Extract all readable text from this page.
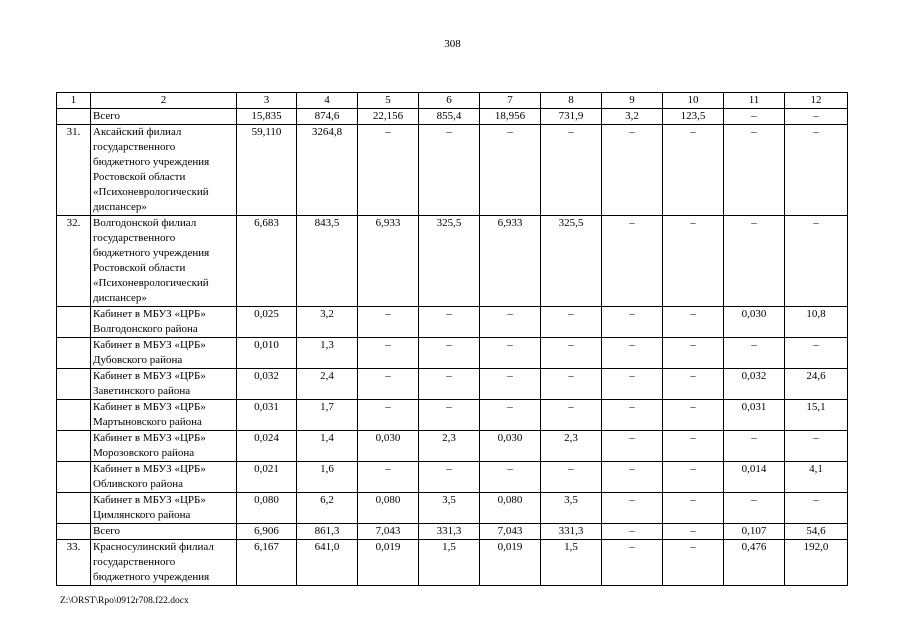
308
1	2	3	4	5	6	7	8	9	10	11	12
	Всего	15,835	874,6	22,156	855,4	18,956	731,9	3,2	123,5	–	–
31.	Аксайский филиал государственного бюджетного учреждения Ростовской области «Психоневрологический диспансер»	59,110	3264,8	–	–	–	–	–	–	–	–
32.	Волгодонской филиал государственного бюджетного учреждения Ростовской области «Психоневрологический диспансер»	6,683	843,5	6,933	325,5	6,933	325,5	–	–	–	–
	Кабинет в МБУЗ «ЦРБ» Волгодонского района	0,025	3,2	–	–	–	–	–	–	0,030	10,8
	Кабинет в МБУЗ «ЦРБ» Дубовского района	0,010	1,3	–	–	–	–	–	–	–	–
	Кабинет в МБУЗ «ЦРБ» Заветинского района	0,032	2,4	–	–	–	–	–	–	0,032	24,6
	Кабинет в МБУЗ «ЦРБ» Мартыновского района	0,031	1,7	–	–	–	–	–	–	0,031	15,1
	Кабинет в МБУЗ «ЦРБ» Морозовского района	0,024	1,4	0,030	2,3	0,030	2,3	–	–	–	–
	Кабинет в МБУЗ «ЦРБ» Обливского района	0,021	1,6	–	–	–	–	–	–	0,014	4,1
	Кабинет в МБУЗ «ЦРБ» Цимлянского района	0,080	6,2	0,080	3,5	0,080	3,5	–	–	–	–
	Всего	6,906	861,3	7,043	331,3	7,043	331,3	–	–	0,107	54,6
33.	Красносулинский филиал государственного бюджетного учреждения	6,167	641,0	0,019	1,5	0,019	1,5	–	–	0,476	192,0
Z:\ORST\Rpo\0912r708.f22.docx
